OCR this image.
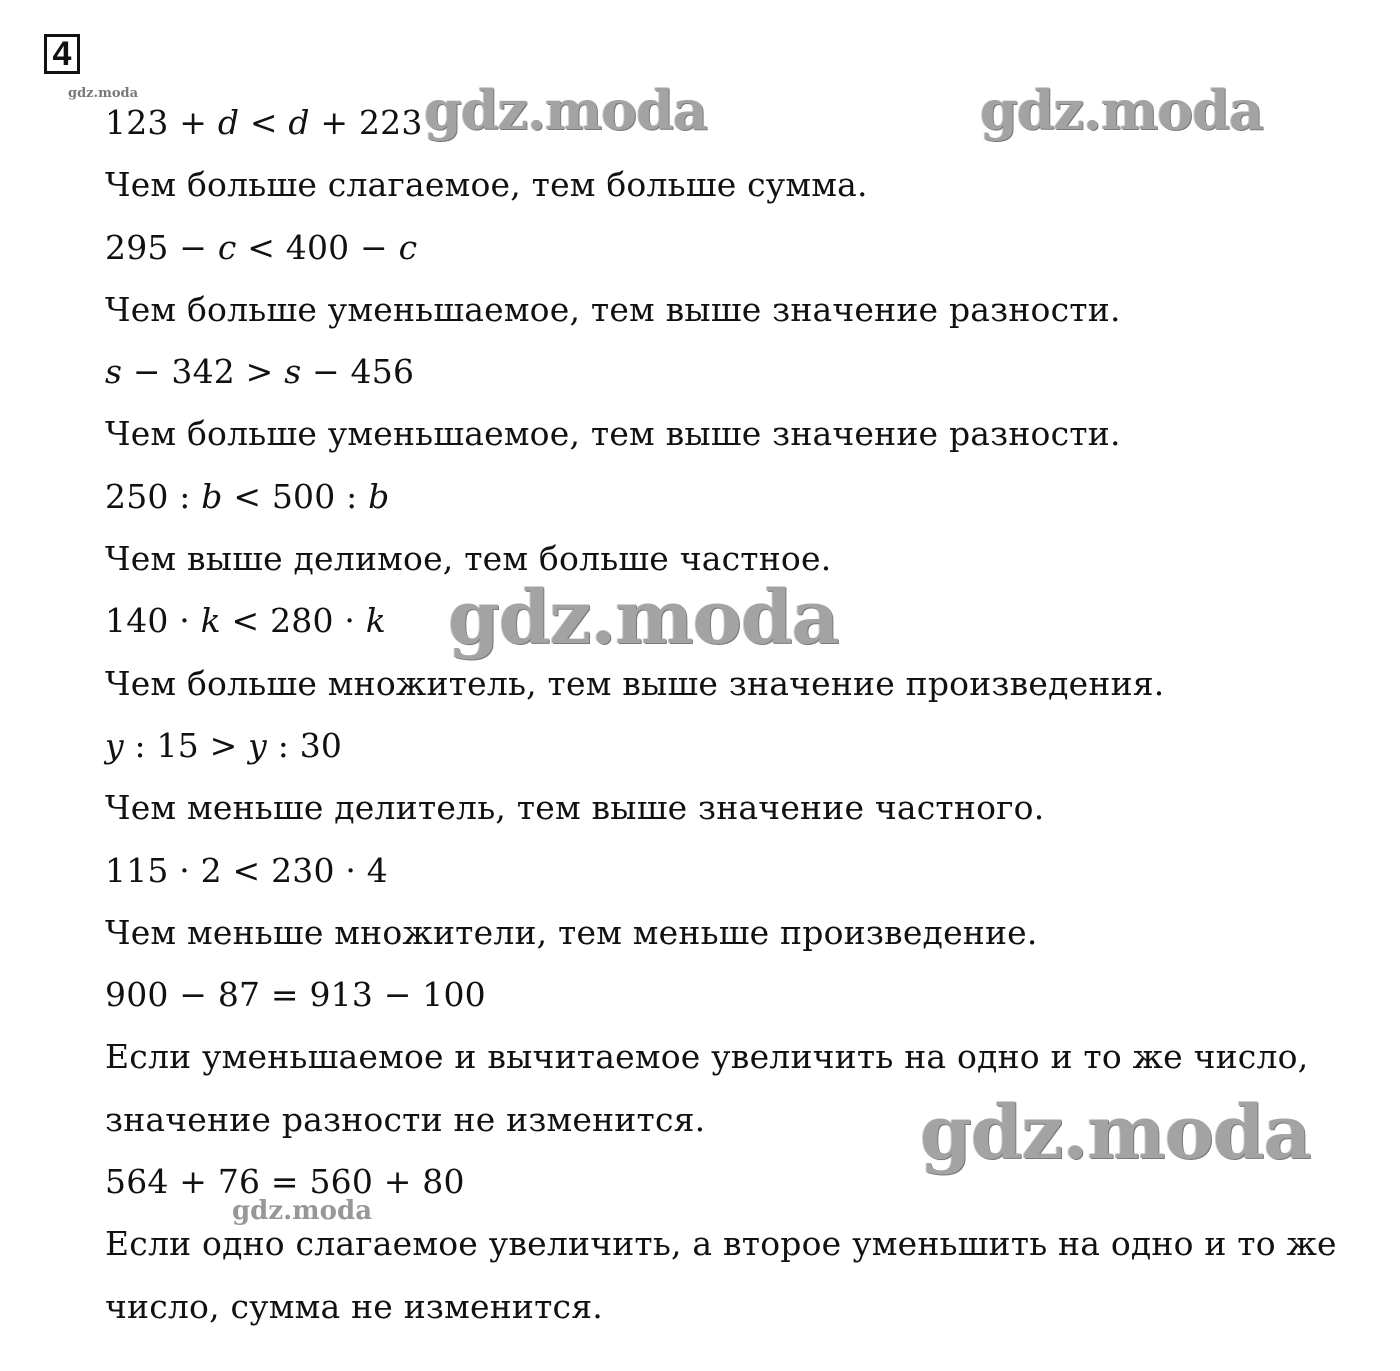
4
123 + d < d + 223
Чем больше слагаемое, тем больше сумма.
295 − c < 400 − c
Чем больше уменьшаемое, тем выше значение разности.
s − 342 > s − 456
Чем больше уменьшаемое, тем выше значение разности.
250 : b < 500 : b
Чем выше делимое, тем больше частное.
140 · k < 280 · k
Чем больше множитель, тем выше значение произведения.
y : 15 > y : 30
Чем меньше делитель, тем выше значение частного.
115 · 2 < 230 · 4
Чем меньше множители, тем меньше произведение.
900 − 87 = 913 − 100
Если уменьшаемое и вычитаемое увеличить на одно и то же число,
значение разности не изменится.
564 + 76 = 560 + 80
Если одно слагаемое увеличить, а второе уменьшить на одно и то же
число, сумма не изменится.
gdz.moda	gdz.moda	gdz.moda
gdz.moda
gdz.moda
gdz.moda
